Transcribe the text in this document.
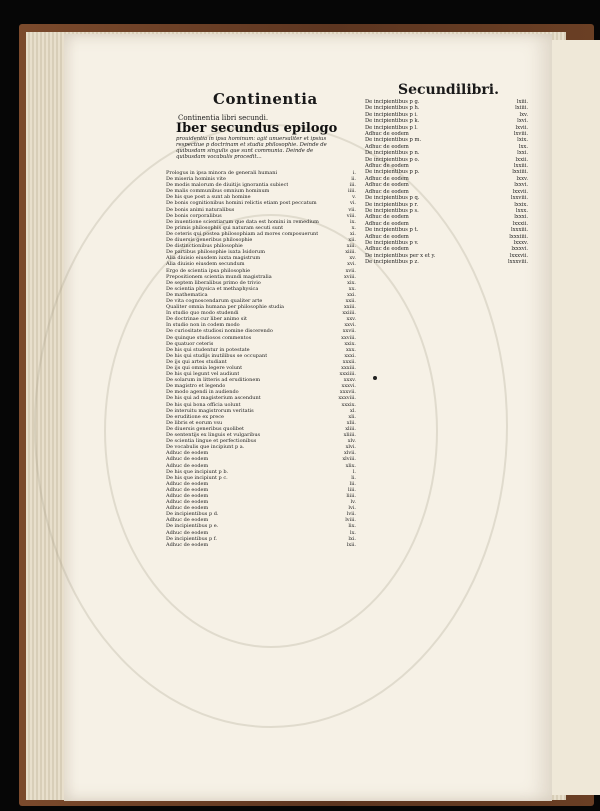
Continentia	Secundilibri.
Continentia libri secundi.
Iber secundus epilogo
prouidentia in ipsa hominum: agit unuersaliter et ipsius respectiue p doctrinam et studia philosophie. Deinde de quibusdam singulis que sunt communia. Deinde de quibusdam vocabulis procedit...
Prologus in ipsa minora de generali humani	i.
De miseria hominis vite	ii.
De modis malorum de diuitijs ignorantia subiect	iii.
De malis communibus omnium hominum	iiii.
De his que post a sunt ab homine	v.
De bonis cognitionibus homini relictis etiam post peccatum	vi.
De bonis animi naturalibus	vii.
De bonis corporalibus	viii.
De inuentione scientiarum que data est homini in remedium	ix.
De primis philosophis qui naturam secuti sunt	x.
De ceteris qui postea philosophiam ad mores composuerunt	xi.
De diuersis generibus philosophie	xii.
De distinctionibus philosophie	xiii.
De partibus philosophie iuxta Isidorum	xiiii.
Alia diuisio eiusdem iuxta magistrum	xv.
Alia diuisio eiusdem secundum	xvi.
Ergo de scientia ipsa philosophie	xvii.
Prepositionem scientia mundi magistralia	xviii.
De septem liberalibus primo de trivio	xix.
De scientia physica et methaphysica	xx.
De mathematica	xxi.
De vita cognoscendarum qualiter arte	xxii.
Qualiter omnia humana per philosophie studia	xxiii.
In studio quo modo studendi	xxiiii.
De doctrinae cur liber animo sit	xxv.
In studio non in codem modo	xxvi.
De curiositate studiosi nomine discerendo	xxvii.
De quinque studiosos commentos	xxviii.
De quatuor ceteris	xxix.
De his qui studentur in potestate	xxx.
De his qui studijs inutilibus se occupant	xxxi.
De ijs qui artes studiant	xxxii.
De ijs qui omnia legere volunt	xxxiii.
De his qui legunt vel audiunt	xxxiiii.
De solarum in litteris ad eruditionem	xxxv.
De magistro et legendo	xxxvi.
De modo agendi in audiendo	xxxvii.
De his qui ad magisterium ascendunt	xxxviii.
De his qui bona officia uolunt	xxxix.
De interuitu magistrorum veritatis	xl.
De eruditione ex prece	xli.
De libris et eorum vsu	xlii.
De diuersis generibus quolibet	xliii.
De sententijs ex linguis et vulgaribus	xliiii.
De scientia lingue et perfectionibus	xlv.
De vocabulis que incipiunt p a.	xlvi.
Adhuc de eodem	xlvii.
Adhuc de eodem	xlviii.
Adhuc de eodem	xlix.
De his que incipiunt p b.	l.
De his que incipiunt p c.	li.
Adhuc de eodem	lii.
Adhuc de eodem	liii.
Adhuc de eodem	liiii.
Adhuc de eodem	lv.
Adhuc de eodem	lvi.
De incipientibus p d.	lvii.
Adhuc de eodem	lviii.
De incipientibus p e.	lix.
Adhuc de eodem	lx.
De incipientibus p f.	lxi.
Adhuc de eodem	lxii.
De incipientibus p g.	lxiii.
De incipientibus p h.	lxiiii.
De incipientibus p i.	lxv.
De incipientibus p k.	lxvi.
De incipientibus p l.	lxvii.
Adhuc de eodem	lxviii.
De incipientibus p m.	lxix.
Adhuc de eodem	lxx.
De incipientibus p n.	lxxi.
De incipientibus p o.	lxxii.
Adhuc de eodem	lxxiii.
De incipientibus p p.	lxxiiii.
Adhuc de eodem	lxxv.
Adhuc de eodem	lxxvi.
Adhuc de eodem	lxxvii.
De incipientibus p q.	lxxviii.
De incipientibus p r.	lxxix.
De incipientibus p s.	lxxx.
Adhuc de eodem	lxxxi.
Adhuc de eodem	lxxxii.
De incipientibus p t.	lxxxiii.
Adhuc de eodem	lxxxiiii.
De incipientibus p v.	lxxxv.
Adhuc de eodem	lxxxvi.
De incipientibus per x et y.	lxxxvii.
De incipientibus p z.	lxxxviii.
